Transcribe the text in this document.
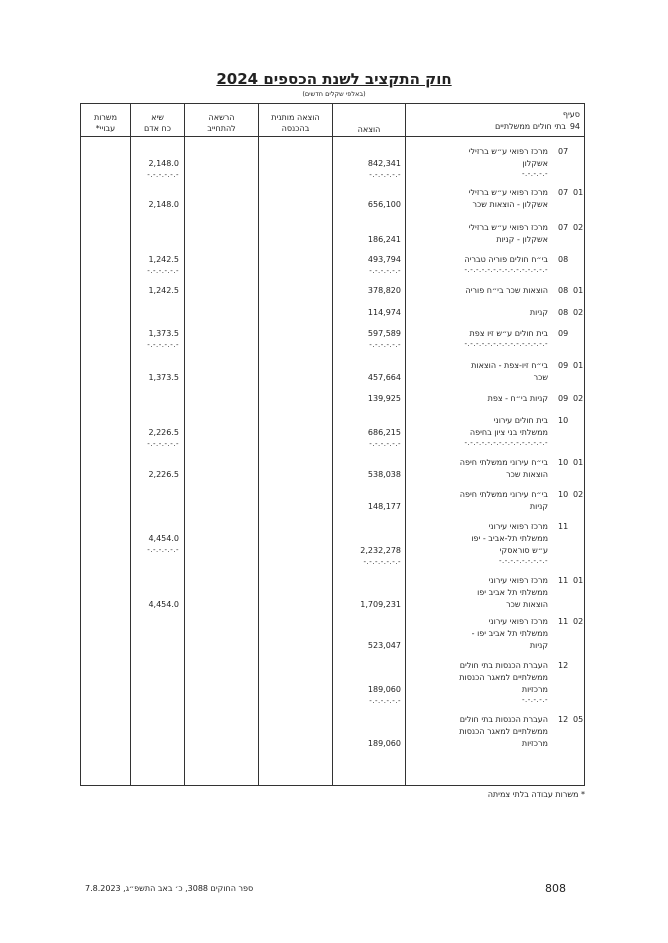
חוק התקציב לשנת הכספים 2024
(באלפי שקלים חדשים)
סעיף
94
בתי חולים ממשלתיים
הוצאה
הוצאה מותנית
בהכנסה
הרשאה
להתחייב
שיא
כח אדם
משרות
עבויי*
07
מרכז רפואי ע״ש ברזילי
אשקלון
-.-.-.-.-
842,341
-.-.-.-.-.-
2,148.0
-.-.-.-.-.-
07 01
מרכז רפואי ע״ש ברזילי
אשקלון - הוצאות שכר
656,100
2,148.0
07 02
מרכז רפואי ע״ש ברזילי
אשקלון - קניות
186,241
08
בי״ח חולים פוריה טבריה
-.-.-.-.-.-.-.-.-.-.-.-.-.-.-
493,794
-.-.-.-.-.-
1,242.5
-.-.-.-.-.-
08 01
הוצאות שכר בי״ח פוריה
378,820
1,242.5
08 02
קניות
114,974
09
בית חולים ע״ש זיו צפת
-.-.-.-.-.-.-.-.-.-.-.-.-.-.-
597,589
-.-.-.-.-.-
1,373.5
-.-.-.-.-.-
09 01
בי״ח זיו-צפת - הוצאות
שכר
457,664
1,373.5
09 02
קניות בי״ח - צפת
139,925
10
בית חולים עירוני
ממשלתי בני ציון בחיפה
-.-.-.-.-.-.-.-.-.-.-.-.-.-.-
686,215
-.-.-.-.-.-
2,226.5
-.-.-.-.-.-
10 01
בי״ח עירוני ממשלתי חיפה
הוצאות שכר
538,038
2,226.5
10 02
בי״ח עירוני ממשלתי חיפה
קניות
148,177
11
מרכז רפואי עירוני
ממשלתי תל-אביב - יפו
ע״ש סוראסקי
-.-.-.-.-.-.-.-.-
2,232,278
-.-.-.-.-.-.-
4,454.0
-.-.-.-.-.-
11 01
מרכז רפואי עירוני
ממשלתי תל אביב יפו
הוצאות שכר
1,709,231
4,454.0
11 02
מרכז רפואי עירוני
ממשלתי תל אביב יפו -
קניות
523,047
12
העברת הכנסות בתי חולים
ממשלתיים למאגר הכנסות
מרכזיות
-.-.-.-.-
189,060
-.-.-.-.-.-
12 05
העברת הכנסות בתי חולים
ממשלתיים למאגר הכנסות
מרכזיות
189,060
* משרות עבודה בלתי צמיתה
ספר החוקים 3088, כ׳ באב התשפ״ג, 7.8.2023	808
